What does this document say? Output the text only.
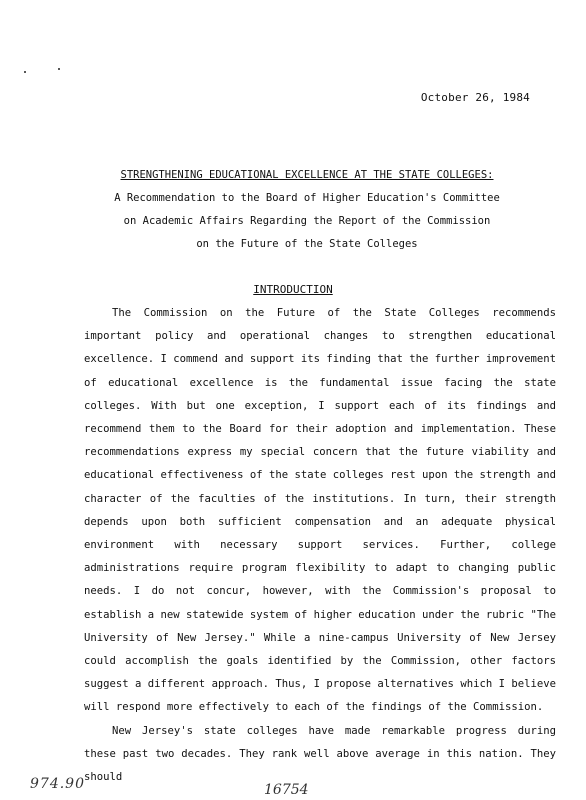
October 26, 1984
STRENGTHENING EDUCATIONAL EXCELLENCE AT THE STATE COLLEGES:
A Recommendation to the Board of Higher Education's Committee
on Academic Affairs Regarding the Report of the Commission
on the Future of the State Colleges
INTRODUCTION

The Commission on the Future of the State Colleges recommends important policy and operational changes to strengthen educational excellence. I commend and support its finding that the further improvement of educational excellence is the fundamental issue facing the state colleges. With but one exception, I support each of its findings and recommend them to the Board for their adoption and implementation. These recommendations express my special concern that the future viability and educational effectiveness of the state colleges rest upon the strength and character of the faculties of the institutions. In turn, their strength depends upon both sufficient compensation and an adequate physical environment with necessary support services. Further, college administrations require program flexibility to adapt to changing public needs. I do not concur, however, with the Commission's proposal to establish a new statewide system of higher education under the rubric "The University of New Jersey." While a nine-campus University of New Jersey could accomplish the goals identified by the Commission, other factors suggest a different approach. Thus, I propose alternatives which I believe will respond more effectively to each of the findings of the Commission.

New Jersey's state colleges have made remarkable progress during these past two decades. They rank well above average in this nation. They should

974.90	16754
